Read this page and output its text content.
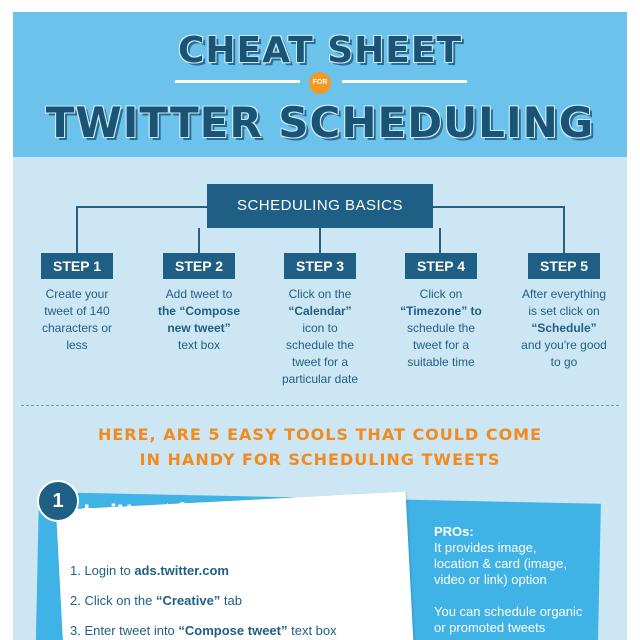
CHEAT SHEET
FOR
TWITTER SCHEDULING
SCHEDULING BASICS
STEP 1	STEP 2	STEP 3	STEP 4	STEP 5
Create your
tweet of 140
characters or
less
Add tweet to
the “Compose
new tweet”
text box
Click on the
“Calendar”
icon to
schedule the
tweet for a
particular date
Click on
“Timezone” to
schedule the
tweet for a
suitable time
After everything
is set click on
“Schedule”
and you're good
to go
HERE, ARE 5 EASY TOOLS THAT COULD COME
IN HANDY FOR SCHEDULING TWEETS
1 twitter
1. Login to ads.twitter.com
2. Click on the “Creative” tab
3. Enter tweet into “Compose tweet” text box
PROs:
It provides image,
location & card (image,
video or link) option
You can schedule organic
or promoted tweets
